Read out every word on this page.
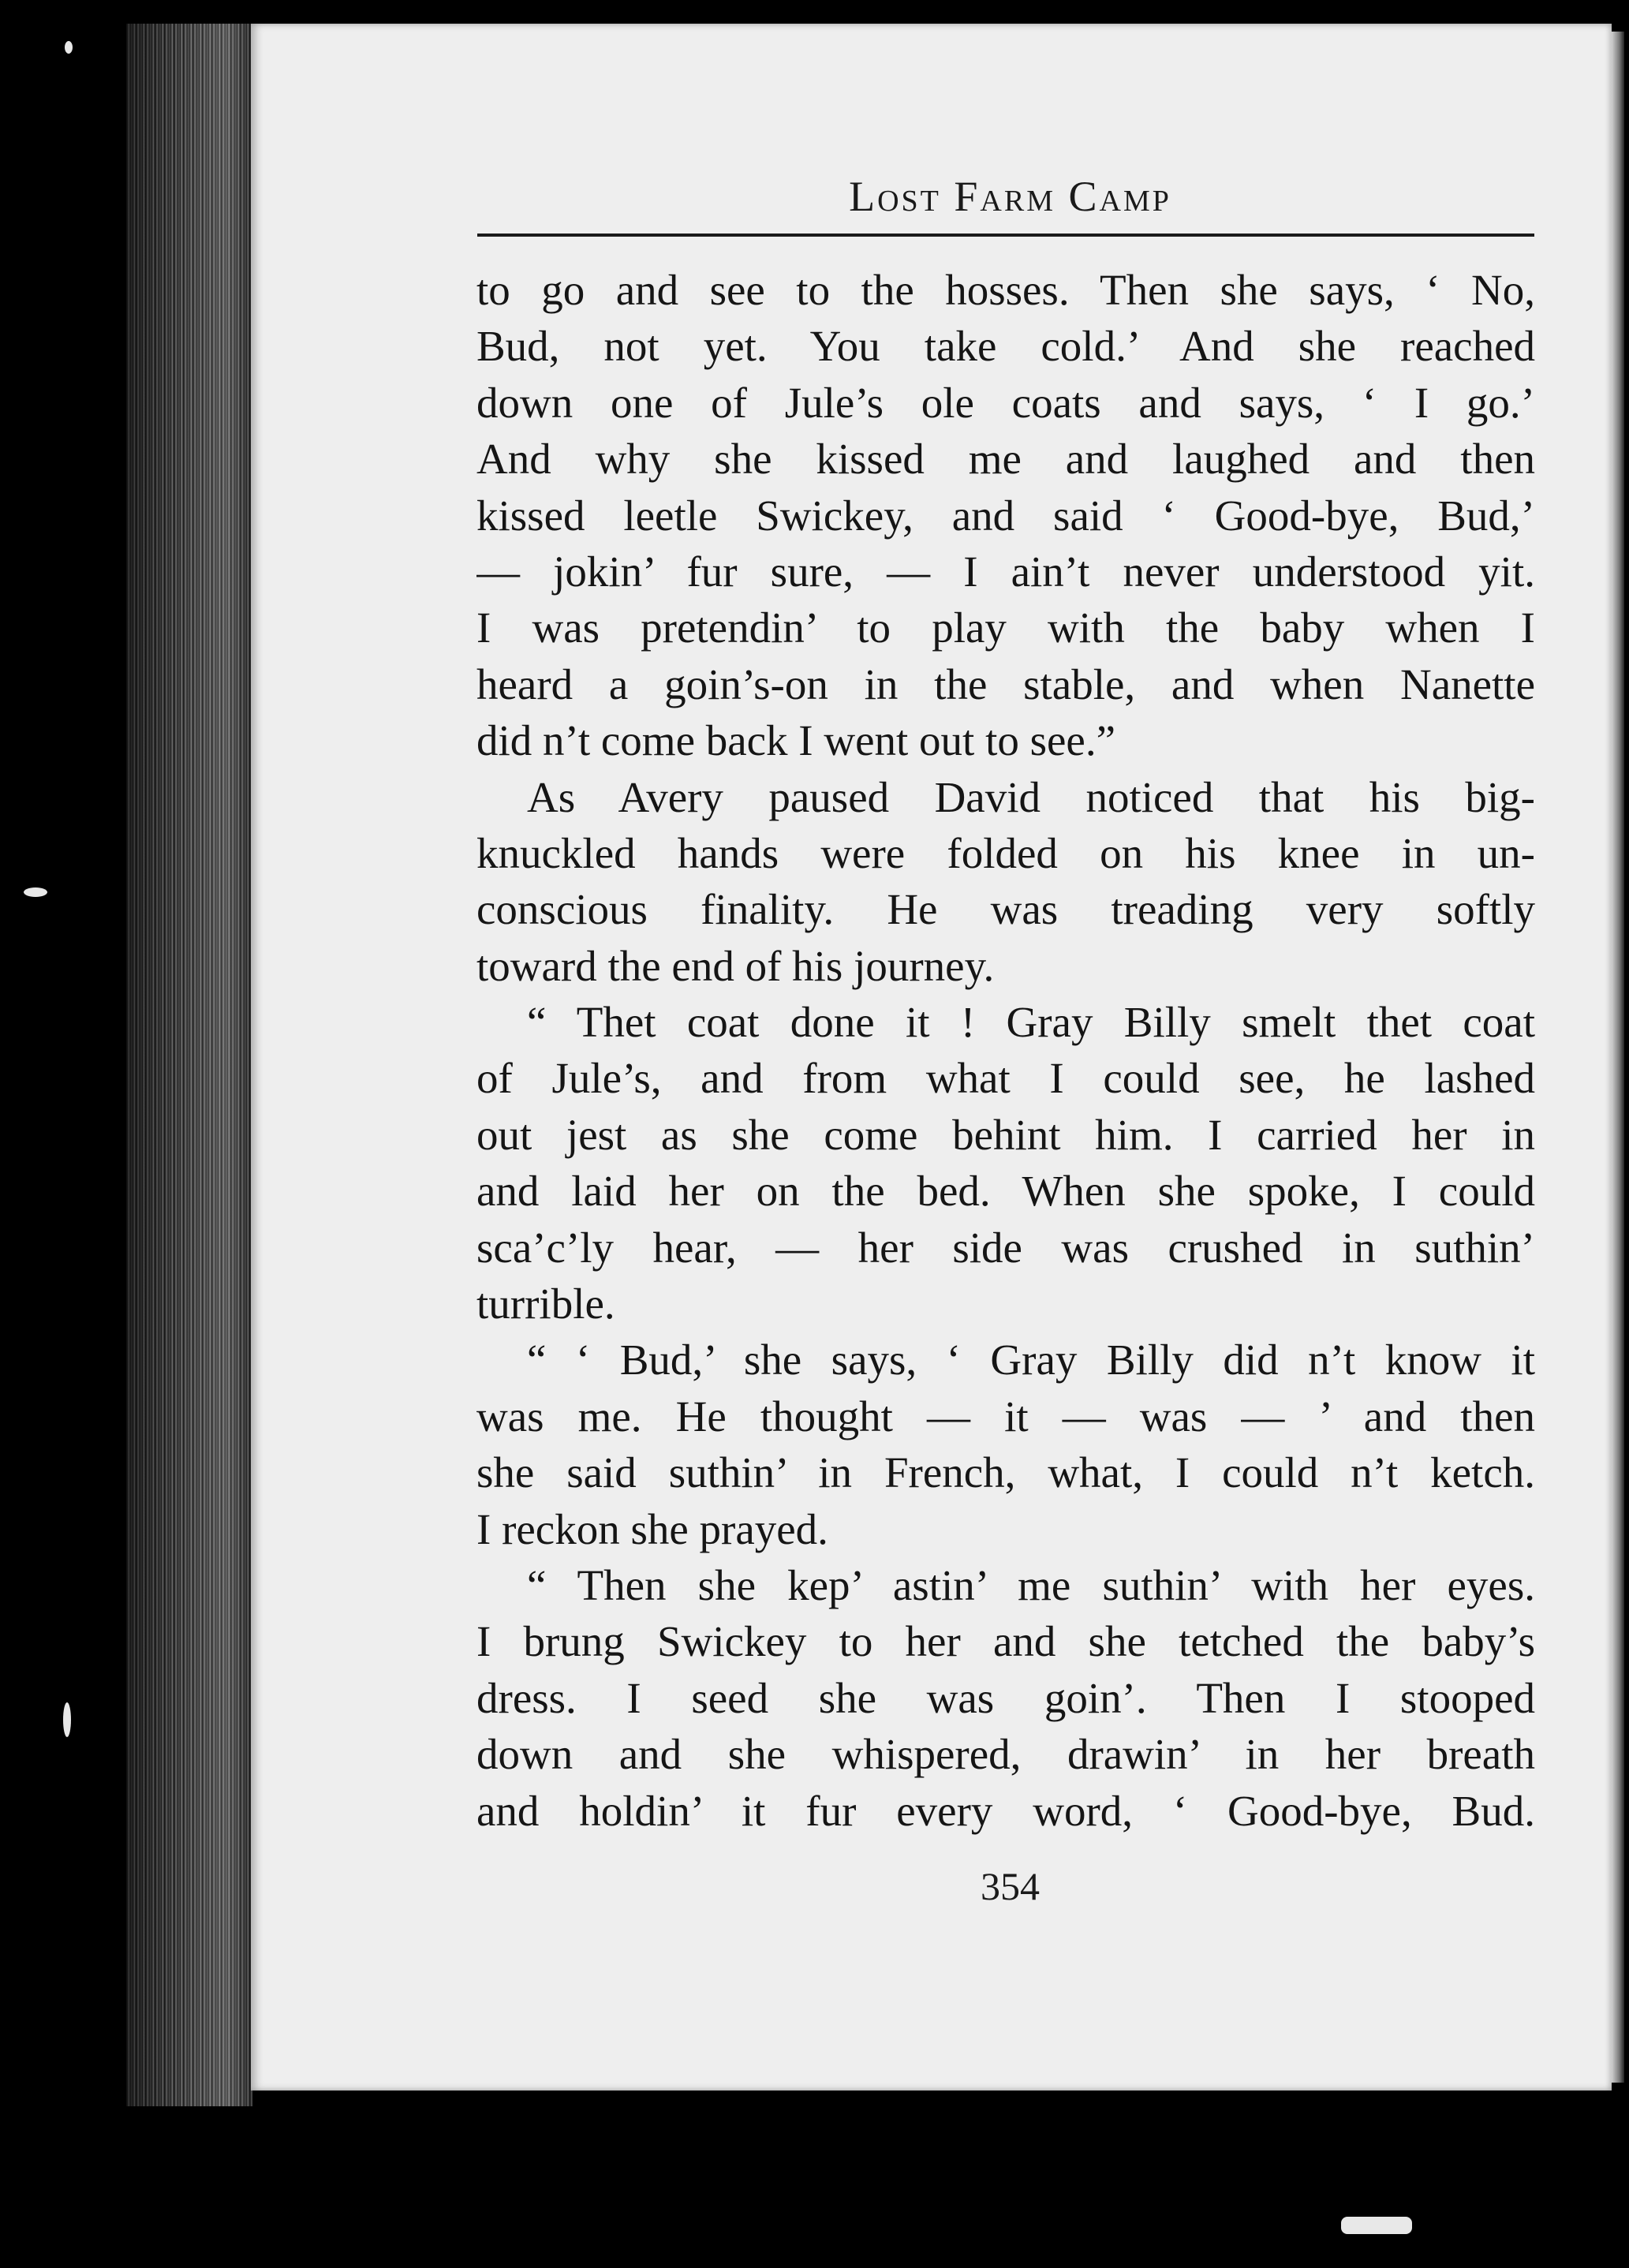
Lost Farm Camp
to go and see to the hosses. Then she says, ‘ No,
Bud, not yet. You take cold.’ And she reached
down one of Jule’s ole coats and says, ‘ I go.’
And why she kissed me and laughed and then
kissed leetle Swickey, and said ‘ Good-bye, Bud,’
— jokin’ fur sure, — I ain’t never understood yit.
I was pretendin’ to play with the baby when I
heard a goin’s-on in the stable, and when Nanette
did n’t come back I went out to see.”
As Avery paused David noticed that his big-
knuckled hands were folded on his knee in un-
conscious finality. He was treading very softly
toward the end of his journey.
“ Thet coat done it ! Gray Billy smelt thet coat
of Jule’s, and from what I could see, he lashed
out jest as she come behint him. I carried her in
and laid her on the bed. When she spoke, I could
sca’c’ly hear, — her side was crushed in suthin’
turrible.
“ ‘ Bud,’ she says, ‘ Gray Billy did n’t know it
was me. He thought — it — was — ’ and then
she said suthin’ in French, what, I could n’t ketch.
I reckon she prayed.
“ Then she kep’ astin’ me suthin’ with her eyes.
I brung Swickey to her and she tetched the baby’s
dress. I seed she was goin’. Then I stooped
down and she whispered, drawin’ in her breath
and holdin’ it fur every word, ‘ Good-bye, Bud.
354
